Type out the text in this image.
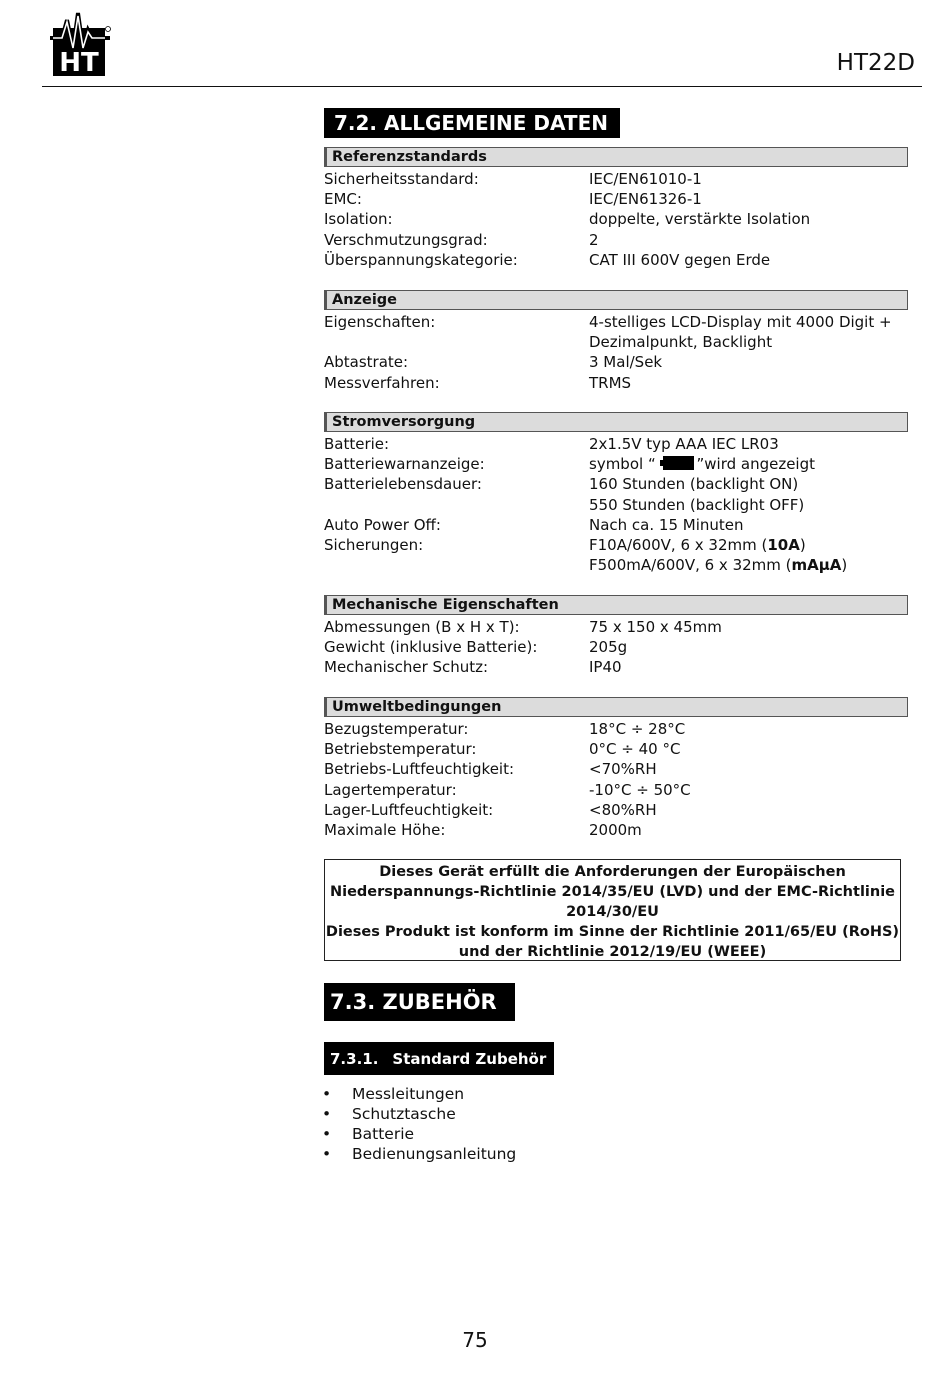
HT	HT22D
7.2. ALLGEMEINE DATEN
Referenzstandards
Sicherheitsstandard:	IEC/EN61010-1
EMC:	IEC/EN61326-1
Isolation:	doppelte, verstärkte Isolation
Verschmutzungsgrad:	2
Überspannungskategorie:	CAT III 600V gegen Erde
Anzeige
Eigenschaften:	4-stelliges LCD-Display mit 4000 Digit +
Dezimalpunkt, Backlight
Abtastrate:	3 Mal/Sek
Messverfahren:	TRMS
Stromversorgung
Batterie:	2x1.5V typ AAA IEC LR03
Batteriewarnanzeige:	symbol “
”wird angezeigt
Batterielebensdauer:	160 Stunden (backlight ON)
550 Stunden (backlight OFF)
Auto Power Off:	Nach ca. 15 Minuten
Sicherungen:	F10A/600V, 6 x 32mm (10A)
F500mA/600V, 6 x 32mm (mAμA)
Mechanische Eigenschaften
Abmessungen (B x H x T):	75 x 150 x 45mm
Gewicht (inklusive Batterie):	205g
Mechanischer Schutz:	IP40
Umweltbedingungen
Bezugstemperatur:	18°C ÷ 28°C
Betriebstemperatur:	0°C ÷ 40 °C
Betriebs-Luftfeuchtigkeit:	<70%RH
Lagertemperatur:	-10°C ÷ 50°C
Lager-Luftfeuchtigkeit:	<80%RH
Maximale Höhe:	2000m
Dieses Gerät erfüllt die Anforderungen der Europäischen
Niederspannungs-Richtlinie 2014/35/EU (LVD) und der EMC-Richtlinie
2014/30/EU
Dieses Produkt ist konform im Sinne der Richtlinie 2011/65/EU (RoHS)
und der Richtlinie 2012/19/EU (WEEE)
7.3. ZUBEHÖR
7.3.1. Standard Zubehör
•	Messleitungen
•	Schutztasche
•	Batterie
•	Bedienungsanleitung
75
